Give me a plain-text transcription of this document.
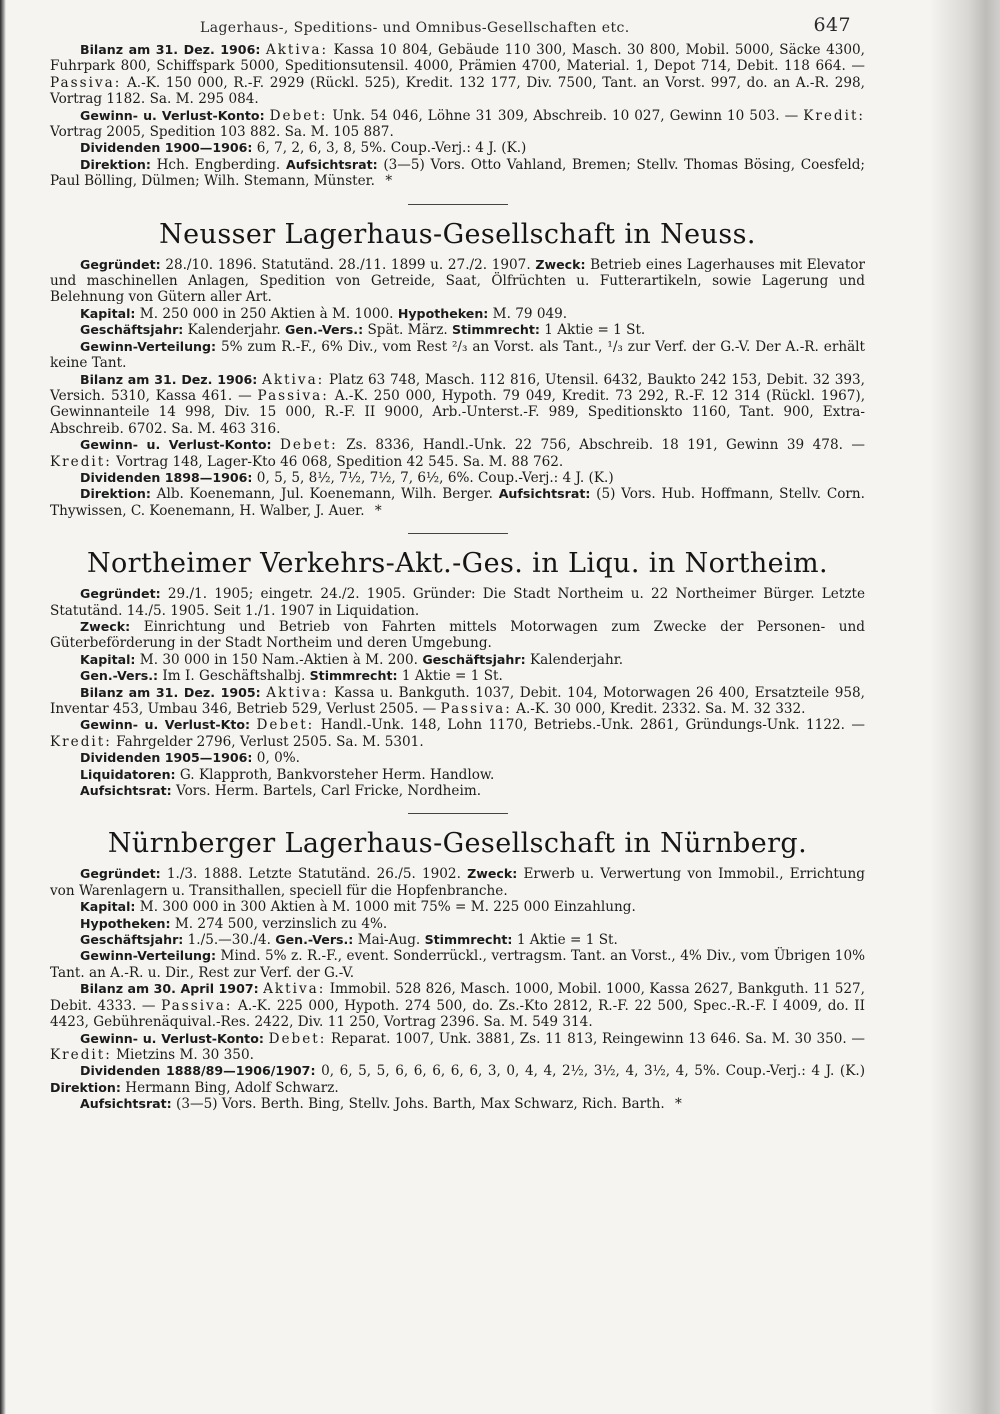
Lagerhaus-, Speditions- und Omnibus-Gesellschaften etc.	647

Bilanz am 31. Dez. 1906: Aktiva: Kassa 10 804, Gebäude 110 300, Masch. 30 800, Mobil. 5000, Säcke 4300, Fuhrpark 800, Schiffspark 5000, Speditionsutensil. 4000, Prämien 4700, Material. 1, Depot 714, Debit. 118 664. — Passiva: A.-K. 150 000, R.-F. 2929 (Rückl. 525), Kredit. 132 177, Div. 7500, Tant. an Vorst. 997, do. an A.-R. 298, Vortrag 1182. Sa. M. 295 084.

Gewinn- u. Verlust-Konto: Debet: Unk. 54 046, Löhne 31 309, Abschreib. 10 027, Gewinn 10 503. — Kredit: Vortrag 2005, Spedition 103 882. Sa. M. 105 887.

Dividenden 1900—1906: 6, 7, 2, 6, 3, 8, 5%. Coup.-Verj.: 4 J. (K.)

Direktion: Hch. Engberding. Aufsichtsrat: (3—5) Vors. Otto Vahland, Bremen; Stellv. Thomas Bösing, Coesfeld; Paul Bölling, Dülmen; Wilh. Stemann, Münster. *

Neusser Lagerhaus-Gesellschaft in Neuss.

Gegründet: 28./10. 1896. Statutänd. 28./11. 1899 u. 27./2. 1907. Zweck: Betrieb eines Lagerhauses mit Elevator und maschinellen Anlagen, Spedition von Getreide, Saat, Ölfrüchten u. Futterartikeln, sowie Lagerung und Belehnung von Gütern aller Art.

Kapital: M. 250 000 in 250 Aktien à M. 1000. Hypotheken: M. 79 049.

Geschäftsjahr: Kalenderjahr. Gen.-Vers.: Spät. März. Stimmrecht: 1 Aktie = 1 St.

Gewinn-Verteilung: 5% zum R.-F., 6% Div., vom Rest ²/₃ an Vorst. als Tant., ¹/₃ zur Verf. der G.-V. Der A.-R. erhält keine Tant.

Bilanz am 31. Dez. 1906: Aktiva: Platz 63 748, Masch. 112 816, Utensil. 6432, Baukto 242 153, Debit. 32 393, Versich. 5310, Kassa 461. — Passiva: A.-K. 250 000, Hypoth. 79 049, Kredit. 73 292, R.-F. 12 314 (Rückl. 1967), Gewinnanteile 14 998, Div. 15 000, R.-F. II 9000, Arb.-Unterst.-F. 989, Speditionskto 1160, Tant. 900, Extra-Abschreib. 6702. Sa. M. 463 316.

Gewinn- u. Verlust-Konto: Debet: Zs. 8336, Handl.-Unk. 22 756, Abschreib. 18 191, Gewinn 39 478. — Kredit: Vortrag 148, Lager-Kto 46 068, Spedition 42 545. Sa. M. 88 762.

Dividenden 1898—1906: 0, 5, 5, 8½, 7½, 7½, 7, 6½, 6%. Coup.-Verj.: 4 J. (K.)

Direktion: Alb. Koenemann, Jul. Koenemann, Wilh. Berger. Aufsichtsrat: (5) Vors. Hub. Hoffmann, Stellv. Corn. Thywissen, C. Koenemann, H. Walber, J. Auer. *

Northeimer Verkehrs-Akt.-Ges. in Liqu. in Northeim.

Gegründet: 29./1. 1905; eingetr. 24./2. 1905. Gründer: Die Stadt Northeim u. 22 Northeimer Bürger. Letzte Statutänd. 14./5. 1905. Seit 1./1. 1907 in Liquidation.

Zweck: Einrichtung und Betrieb von Fahrten mittels Motorwagen zum Zwecke der Personen- und Güterbeförderung in der Stadt Northeim und deren Umgebung.

Kapital: M. 30 000 in 150 Nam.-Aktien à M. 200. Geschäftsjahr: Kalenderjahr.

Gen.-Vers.: Im I. Geschäftshalbj. Stimmrecht: 1 Aktie = 1 St.

Bilanz am 31. Dez. 1905: Aktiva: Kassa u. Bankguth. 1037, Debit. 104, Motorwagen 26 400, Ersatzteile 958, Inventar 453, Umbau 346, Betrieb 529, Verlust 2505. — Passiva: A.-K. 30 000, Kredit. 2332. Sa. M. 32 332.

Gewinn- u. Verlust-Kto: Debet: Handl.-Unk. 148, Lohn 1170, Betriebs.-Unk. 2861, Gründungs-Unk. 1122. — Kredit: Fahrgelder 2796, Verlust 2505. Sa. M. 5301.

Dividenden 1905—1906: 0, 0%.

Liquidatoren: G. Klapproth, Bankvorsteher Herm. Handlow.

Aufsichtsrat: Vors. Herm. Bartels, Carl Fricke, Nordheim.

Nürnberger Lagerhaus-Gesellschaft in Nürnberg.

Gegründet: 1./3. 1888. Letzte Statutänd. 26./5. 1902. Zweck: Erwerb u. Verwertung von Immobil., Errichtung von Warenlagern u. Transithallen, speciell für die Hopfenbranche.

Kapital: M. 300 000 in 300 Aktien à M. 1000 mit 75% = M. 225 000 Einzahlung.

Hypotheken: M. 274 500, verzinslich zu 4%.

Geschäftsjahr: 1./5.—30./4. Gen.-Vers.: Mai-Aug. Stimmrecht: 1 Aktie = 1 St.

Gewinn-Verteilung: Mind. 5% z. R.-F., event. Sonderrückl., vertragsm. Tant. an Vorst., 4% Div., vom Übrigen 10% Tant. an A.-R. u. Dir., Rest zur Verf. der G.-V.

Bilanz am 30. April 1907: Aktiva: Immobil. 528 826, Masch. 1000, Mobil. 1000, Kassa 2627, Bankguth. 11 527, Debit. 4333. — Passiva: A.-K. 225 000, Hypoth. 274 500, do. Zs.-Kto 2812, R.-F. 22 500, Spec.-R.-F. I 4009, do. II 4423, Gebührenäquival.-Res. 2422, Div. 11 250, Vortrag 2396. Sa. M. 549 314.

Gewinn- u. Verlust-Konto: Debet: Reparat. 1007, Unk. 3881, Zs. 11 813, Reingewinn 13 646. Sa. M. 30 350. — Kredit: Mietzins M. 30 350.

Dividenden 1888/89—1906/1907: 0, 6, 5, 5, 6, 6, 6, 6, 6, 3, 0, 4, 4, 2½, 3½, 4, 3½, 4, 5%. Coup.-Verj.: 4 J. (K.) Direktion: Hermann Bing, Adolf Schwarz.

Aufsichtsrat: (3—5) Vors. Berth. Bing, Stellv. Johs. Barth, Max Schwarz, Rich. Barth. *
